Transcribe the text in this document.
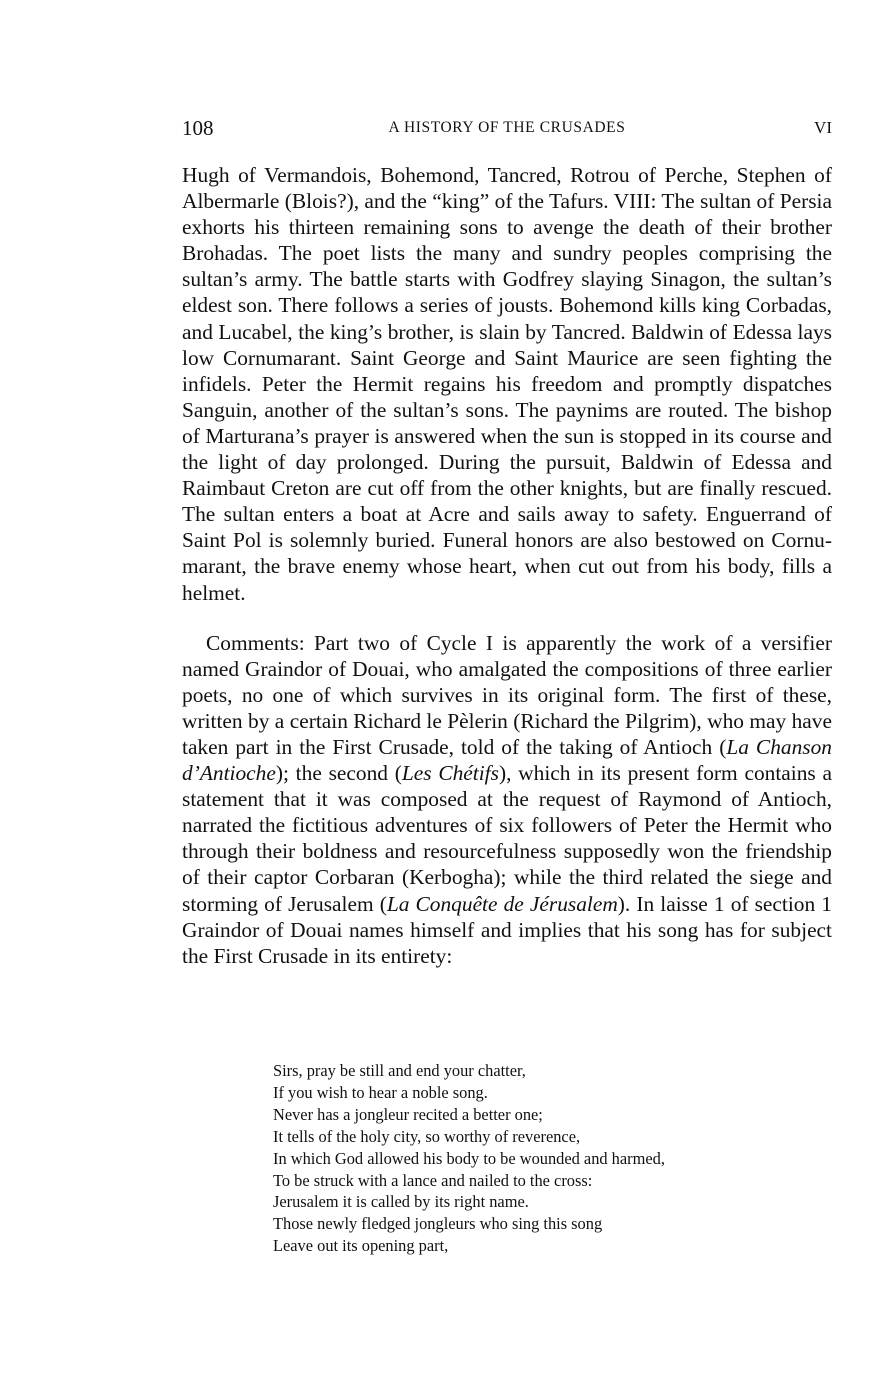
108	A HISTORY OF THE CRUSADES	VI

Hugh of Vermandois, Bohemond, Tancred, Rotrou of Perche, Stephen of Albermarle (Blois?), and the “king” of the Tafurs. VIII: The sultan of Persia exhorts his thirteen remaining sons to avenge the death of their brother Brohadas. The poet lists the many and sundry peoples comprising the sultan’s army. The battle starts with Godfrey slaying Sinagon, the sultan’s eldest son. There follows a series of jousts. Bohemond kills king Corbadas, and Lucabel, the king’s brother, is slain by Tancred. Baldwin of Edessa lays low Cornumarant. Saint George and Saint Maurice are seen fighting the infidels. Peter the Hermit regains his freedom and promptly dispatches Sanguin, another of the sultan’s sons. The paynims are routed. The bishop of Marturana’s prayer is answered when the sun is stopped in its course and the light of day prolonged. During the pursuit, Baldwin of Edessa and Raimbaut Creton are cut off from the other knights, but are finally rescued. The sultan enters a boat at Acre and sails away to safety. Enguerrand of Saint Pol is solemnly buried. Funeral honors are also bestowed on Cornumarant, the brave enemy whose heart, when cut out from his body, fills a helmet.

Comments: Part two of Cycle I is apparently the work of a versifier named Graindor of Douai, who amalgated the compositions of three earlier poets, no one of which survives in its original form. The first of these, written by a certain Richard le Pèlerin (Richard the Pilgrim), who may have taken part in the First Crusade, told of the taking of Antioch (La Chanson d’Antioche); the second (Les Chétifs), which in its present form contains a statement that it was composed at the request of Raymond of Antioch, narrated the fictitious adventures of six followers of Peter the Hermit who through their boldness and resourcefulness supposedly won the friendship of their captor Corbaran (Kerbogha); while the third related the siege and storming of Jerusalem (La Conquête de Jérusalem). In laisse 1 of section 1 Graindor of Douai names himself and implies that his song has for subject the First Crusade in its entirety:

Sirs, pray be still and end your chatter,
If you wish to hear a noble song.
Never has a jongleur recited a better one;
It tells of the holy city, so worthy of reverence,
In which God allowed his body to be wounded and harmed,
To be struck with a lance and nailed to the cross:
Jerusalem it is called by its right name.
Those newly fledged jongleurs who sing this song
Leave out its opening part,
